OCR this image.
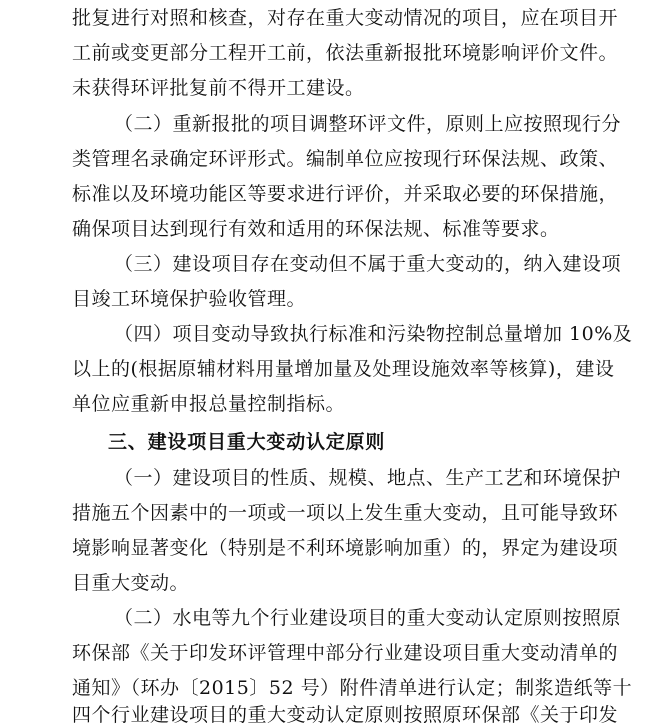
批复进行对照和核查，对存在重大变动情况的项目，应在项目开
工前或变更部分工程开工前，依法重新报批环境影响评价文件。
未获得环评批复前不得开工建设。
（二）重新报批的项目调整环评文件，原则上应按照现行分
类管理名录确定环评形式。编制单位应按现行环保法规、政策、
标准以及环境功能区等要求进行评价，并采取必要的环保措施，
确保项目达到现行有效和适用的环保法规、标准等要求。
（三）建设项目存在变动但不属于重大变动的，纳入建设项
目竣工环境保护验收管理。
（四）项目变动导致执行标准和污染物控制总量增加 10%及
以上的(根据原辅材料用量增加量及处理设施效率等核算)，建设
单位应重新申报总量控制指标。
三、建设项目重大变动认定原则
（一）建设项目的性质、规模、地点、生产工艺和环境保护
措施五个因素中的一项或一项以上发生重大变动，且可能导致环
境影响显著变化（特别是不利环境影响加重）的，界定为建设项
目重大变动。
（二）水电等九个行业建设项目的重大变动认定原则按照原
环保部《关于印发环评管理中部分行业建设项目重大变动清单的
通知》（环办〔2015〕52 号）附件清单进行认定；制浆造纸等十
四个行业建设项目的重大变动认定原则按照原环保部《关于印发
